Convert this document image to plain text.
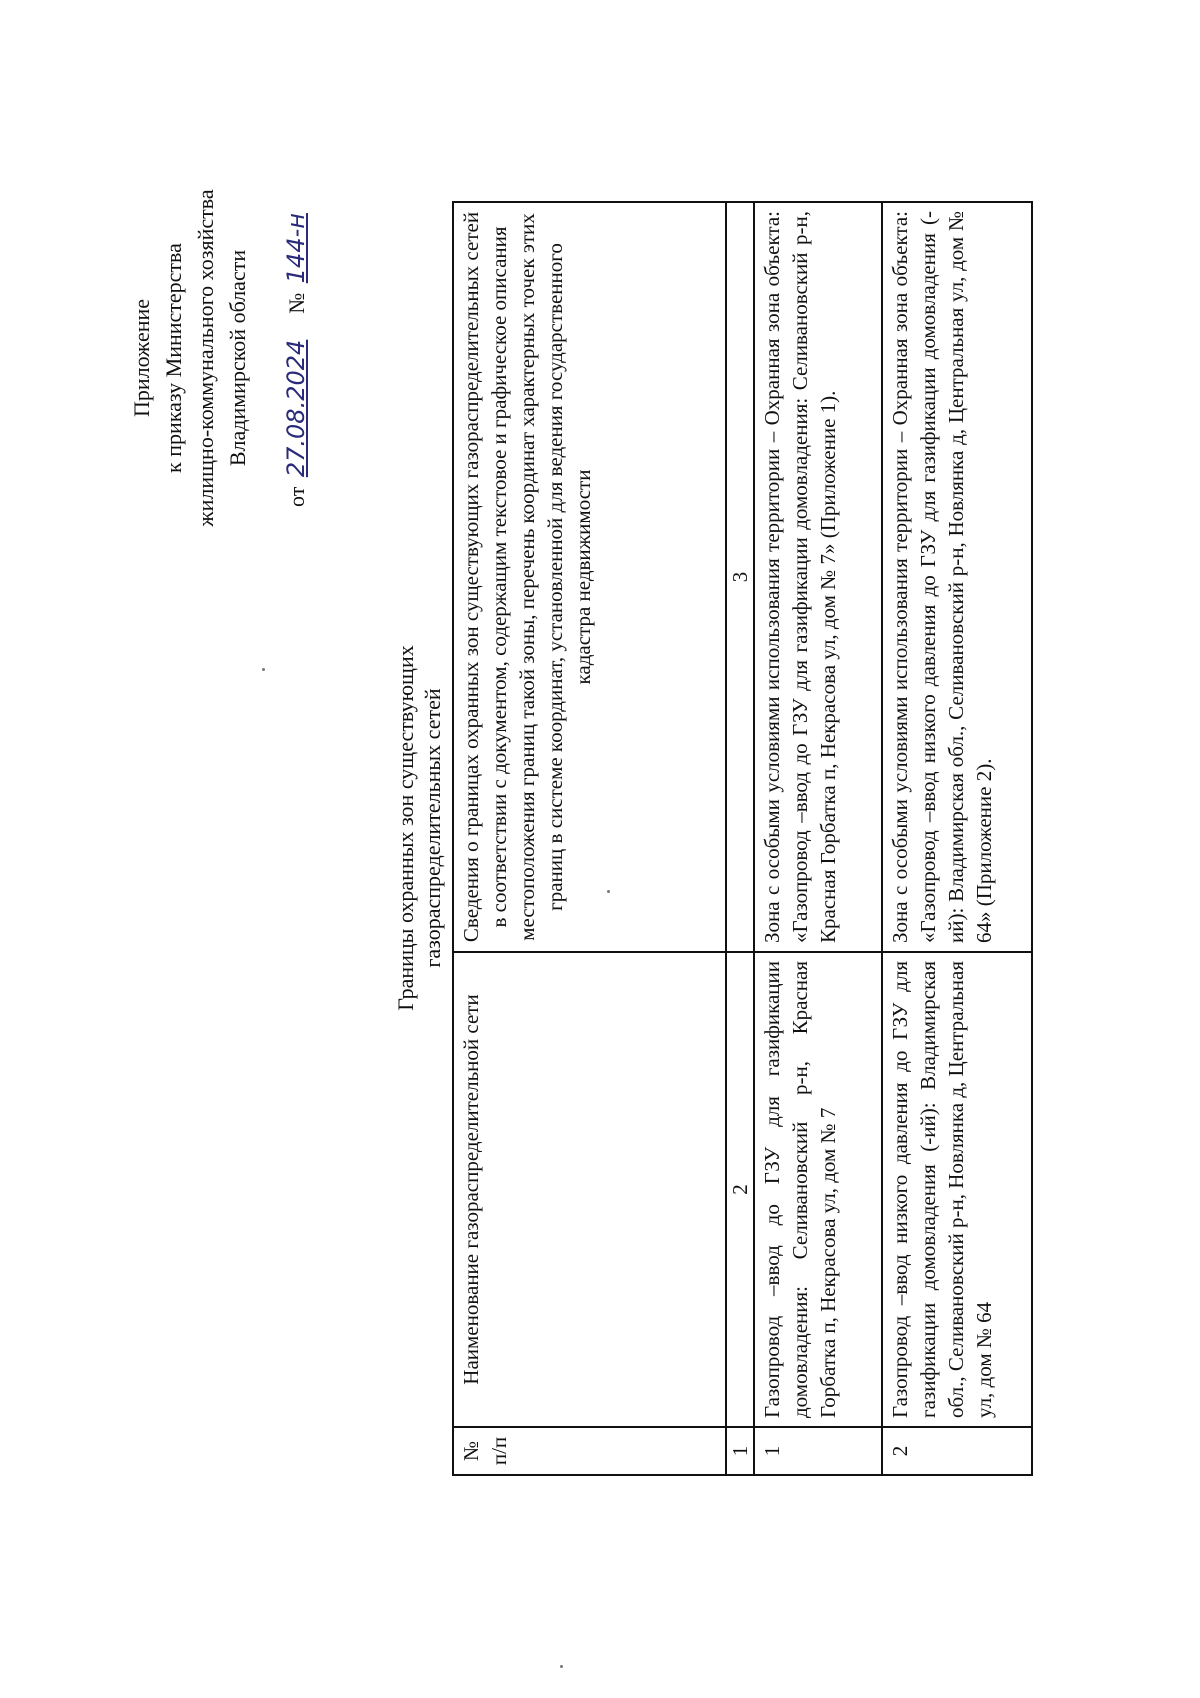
Приложение к приказу Министерства жилищно-коммунального хозяйства Владимирской области
от 27.08.2024    № 144-н
Границы охранных зон существующих газораспределительных сетей
№ п/п	Наименование газораспределительной сети	Сведения о границах охранных зон существующих газораспределительных сетей в соответствии с документом, содержащим текстовое и графическое описания местоположения границ такой зоны, перечень координат характерных точек этих границ в системе координат, установленной для ведения государственного кадастра недвижимости
1	2	3
1	Газопровод –ввод до ГЗУ для газификации домовладения: Селивановский р-н, Красная Горбатка п, Некрасова ул, дом № 7	Зона с особыми условиями использования территории – Охранная зона объекта: «Газопровод –ввод до ГЗУ для газификации домовладения: Селивановский р-н, Красная Горбатка п, Некрасова ул, дом № 7» (Приложение 1).
2	Газопровод –ввод низкого давления до ГЗУ для газификации домовладения (-ий): Владимирская обл., Селивановский р-н, Новлянка д, Центральная ул, дом № 64	Зона с особыми условиями использования территории – Охранная зона объекта: «Газопровод –ввод низкого давления до ГЗУ для газификации домовладения (-ий): Владимирская обл., Селивановский р-н, Новлянка д, Центральная ул, дом № 64» (Приложение 2).
